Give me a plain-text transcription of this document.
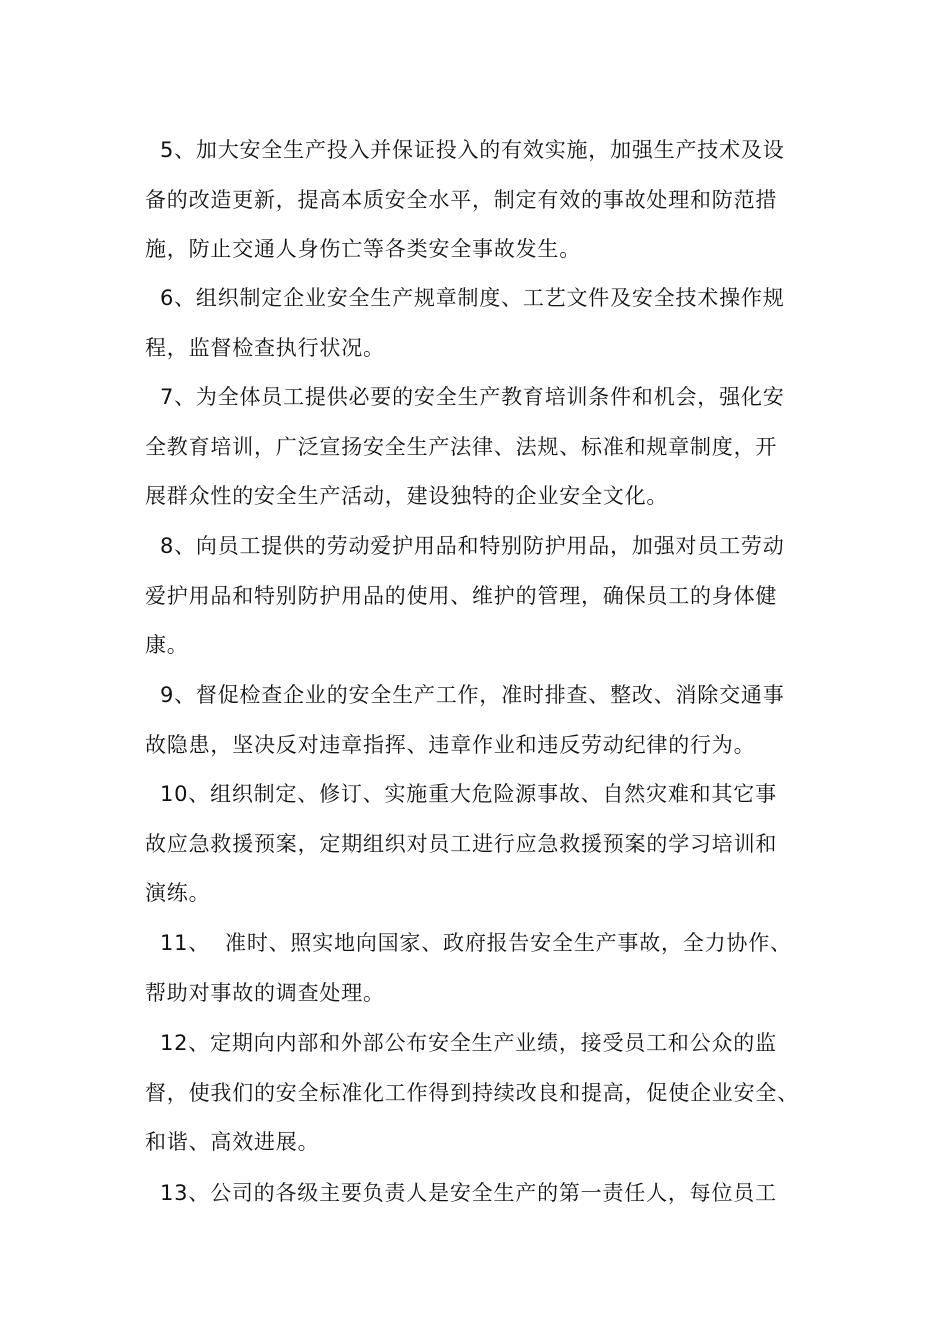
5、加大安全生产投入并保证投入的有效实施，加强生产技术及设
备的改造更新，提高本质安全水平，制定有效的事故处理和防范措
施，防止交通人身伤亡等各类安全事故发生。
6、组织制定企业安全生产规章制度、工艺文件及安全技术操作规
程，监督检查执行状况。
7、为全体员工提供必要的安全生产教育培训条件和机会，强化安
全教育培训，广泛宣扬安全生产法律、法规、标准和规章制度，开
展群众性的安全生产活动，建设独特的企业安全文化。
8、向员工提供的劳动爱护用品和特别防护用品，加强对员工劳动
爱护用品和特别防护用品的使用、维护的管理，确保员工的身体健
康。
9、督促检查企业的安全生产工作，准时排查、整改、消除交通事
故隐患，坚决反对违章指挥、违章作业和违反劳动纪律的行为。
10、组织制定、修订、实施重大危险源事故、自然灾难和其它事
故应急救援预案，定期组织对员工进行应急救援预案的学习培训和
演练。
11、  准时、照实地向国家、政府报告安全生产事故，全力协作、
帮助对事故的调查处理。
12、定期向内部和外部公布安全生产业绩，接受员工和公众的监
督，使我们的安全标准化工作得到持续改良和提高，促使企业安全、
和谐、高效进展。
13、公司的各级主要负责人是安全生产的第一责任人，每位员工
